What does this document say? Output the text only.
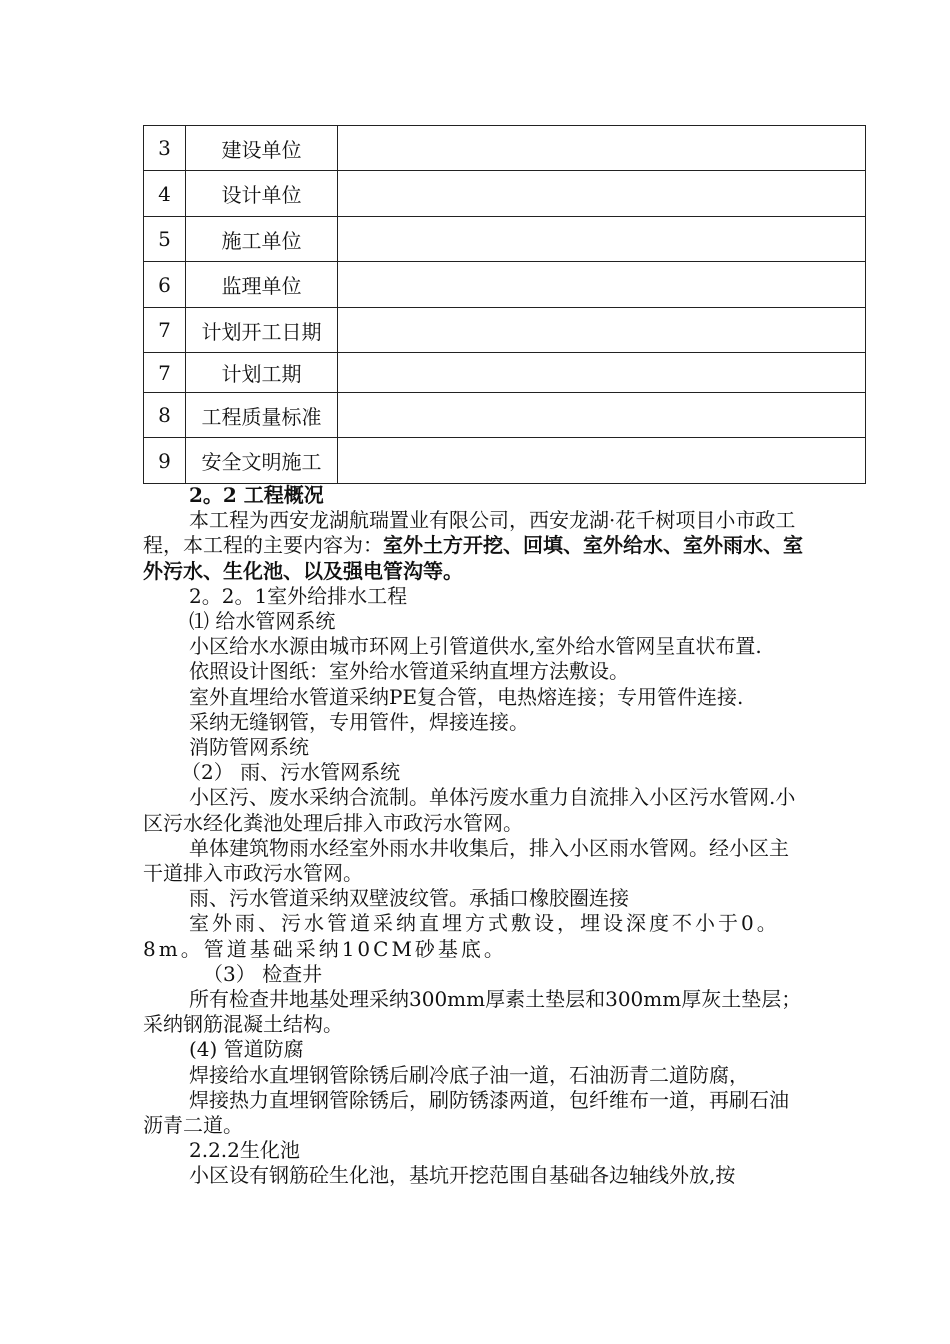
3	建设单位	
4	设计单位	
5	施工单位	
6	监理单位	
7	计划开工日期	
7	计划工期	
8	工程质量标准	
9	安全文明施工	

2。2 工程概况

本工程为西安龙湖航瑞置业有限公司，西安龙湖·花千树项目小市政工程，本工程的主要内容为：室外土方开挖、回填、室外给水、室外雨水、室外污水、生化池、以及强电管沟等。

2。2。1室外给排水工程

⑴ 给水管网系统

小区给水水源由城市环网上引管道供水,室外给水管网呈直状布置.

依照设计图纸：室外给水管道采纳直埋方法敷设。

室外直埋给水管道采纳PE复合管，电热熔连接；专用管件连接.

采纳无缝钢管，专用管件，焊接连接。

消防管网系统

（2） 雨、污水管网系统

小区污、废水采纳合流制。单体污废水重力自流排入小区污水管网.小区污水经化粪池处理后排入市政污水管网。

单体建筑物雨水经室外雨水井收集后，排入小区雨水管网。经小区主干道排入市政污水管网。

雨、污水管道采纳双壁波纹管。承插口橡胶圈连接

室外雨、污水管道采纳直埋方式敷设，埋设深度不小于0。8m。管道基础采纳10CM砂基底。

（3） 检查井

所有检查井地基处理采纳300mm厚素土垫层和300mm厚灰土垫层；采纳钢筋混凝土结构。

(4) 管道防腐

焊接给水直埋钢管除锈后刷冷底子油一道，石油沥青二道防腐，

焊接热力直埋钢管除锈后，刷防锈漆两道，包纤维布一道，再刷石油沥青二道。

2.2.2生化池

小区设有钢筋砼生化池，基坑开挖范围自基础各边轴线外放,按
